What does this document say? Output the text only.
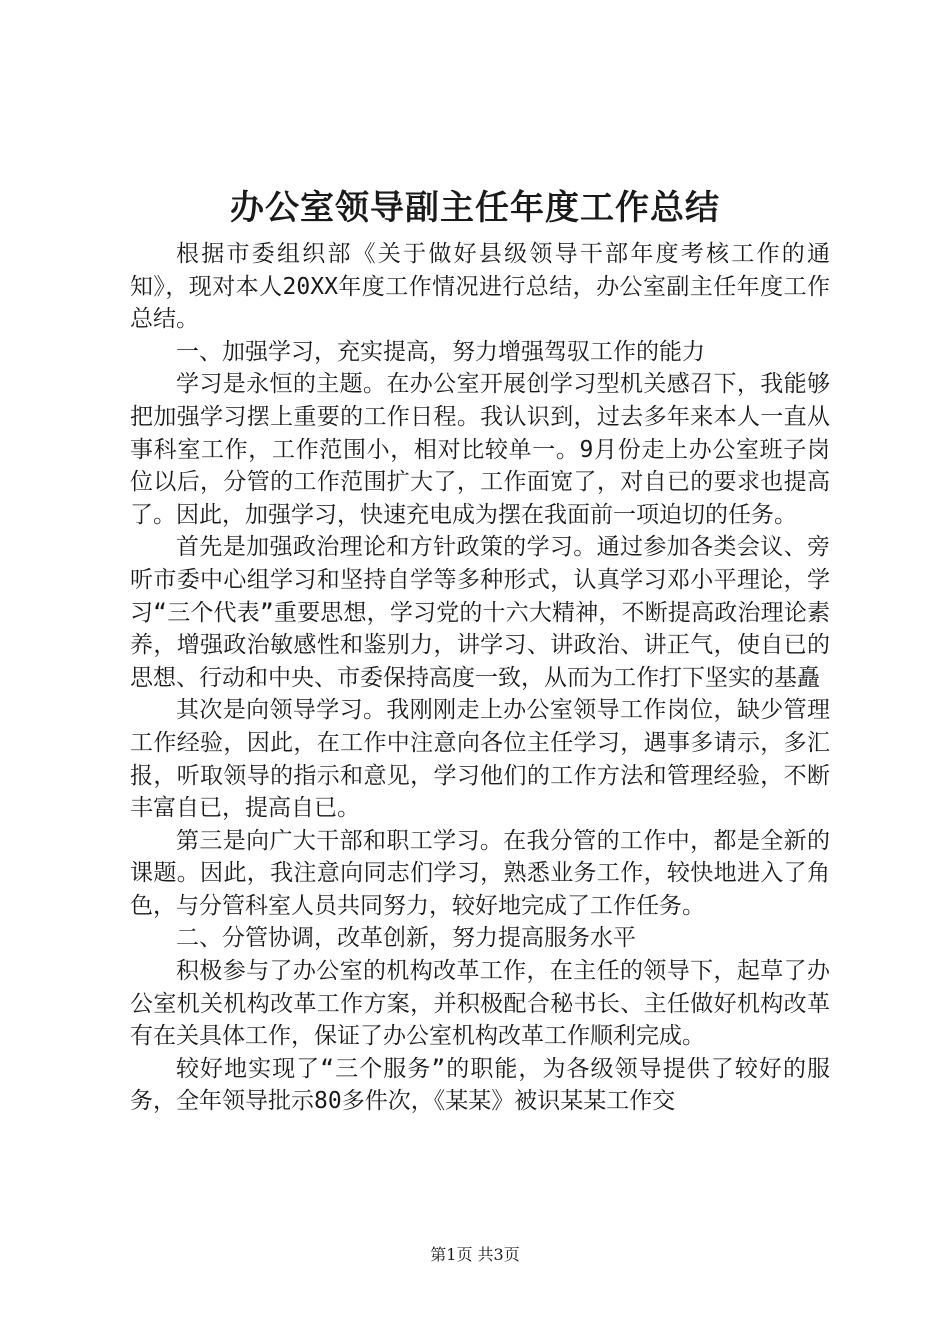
办公室领导副主任年度工作总结

根据市委组织部《关于做好县级领导干部年度考核工作的通知》，现对本人20XX年度工作情况进行总结，办公室副主任年度工作总结。

一、加强学习，充实提高，努力增强驾驭工作的能力

学习是永恒的主题。在办公室开展创学习型机关感召下，我能够把加强学习摆上重要的工作日程。我认识到，过去多年来本人一直从事科室工作，工作范围小，相对比较单一。9月份走上办公室班子岗位以后，分管的工作范围扩大了，工作面宽了，对自已的要求也提高了。因此，加强学习，快速充电成为摆在我面前一项迫切的任务。

首先是加强政治理论和方针政策的学习。通过参加各类会议、旁听市委中心组学习和坚持自学等多种形式，认真学习邓小平理论，学习“三个代表”重要思想，学习党的十六大精神，不断提高政治理论素养，增强政治敏感性和鉴别力，讲学习、讲政治、讲正气，使自已的思想、行动和中央、市委保持高度一致，从而为工作打下坚实的基矗

其次是向领导学习。我刚刚走上办公室领导工作岗位，缺少管理工作经验，因此，在工作中注意向各位主任学习，遇事多请示，多汇报，听取领导的指示和意见，学习他们的工作方法和管理经验，不断丰富自已，提高自已。

第三是向广大干部和职工学习。在我分管的工作中，都是全新的课题。因此，我注意向同志们学习，熟悉业务工作，较快地进入了角色，与分管科室人员共同努力，较好地完成了工作任务。

二、分管协调，改革创新，努力提高服务水平

积极参与了办公室的机构改革工作，在主任的领导下，起草了办公室机关机构改革工作方案，并积极配合秘书长、主任做好机构改革有在关具体工作，保证了办公室机构改革工作顺利完成。

较好地实现了“三个服务”的职能，为各级领导提供了较好的服务，全年领导批示80多件次，《某某》被识某某工作交

第1页 共3页
